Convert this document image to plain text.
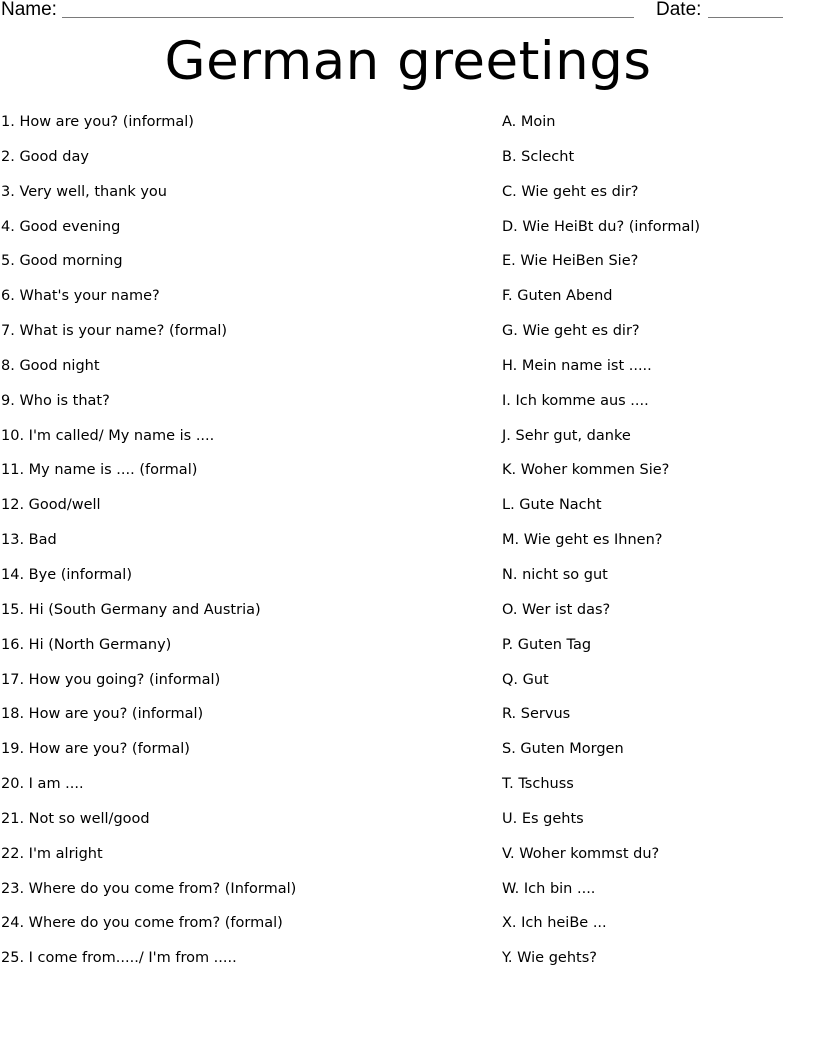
Name:	Date:
German greetings
1. How are you? (informal)
2. Good day
3. Very well, thank you
4. Good evening
5. Good morning
6. What's your name?
7. What is your name? (formal)
8. Good night
9. Who is that?
10. I'm called/ My name is ....
11. My name is .... (formal)
12. Good/well
13. Bad
14. Bye (informal)
15. Hi (South Germany and Austria)
16. Hi (North Germany)
17. How you going? (informal)
18. How are you? (informal)
19. How are you? (formal)
20. I am ....
21. Not so well/good
22. I'm alright
23. Where do you come from? (Informal)
24. Where do you come from? (formal)
25. I come from...../ I'm from .....
A. Moin
B. Sclecht
C. Wie geht es dir?
D. Wie HeiBt du? (informal)
E. Wie HeiBen Sie?
F. Guten Abend
G. Wie geht es dir?
H. Mein name ist .....
I. Ich komme aus ....
J. Sehr gut, danke
K. Woher kommen Sie?
L. Gute Nacht
M. Wie geht es Ihnen?
N. nicht so gut
O. Wer ist das?
P. Guten Tag
Q. Gut
R. Servus
S. Guten Morgen
T. Tschuss
U. Es gehts
V. Woher kommst du?
W. Ich bin ....
X. Ich heiBe ...
Y. Wie gehts?
